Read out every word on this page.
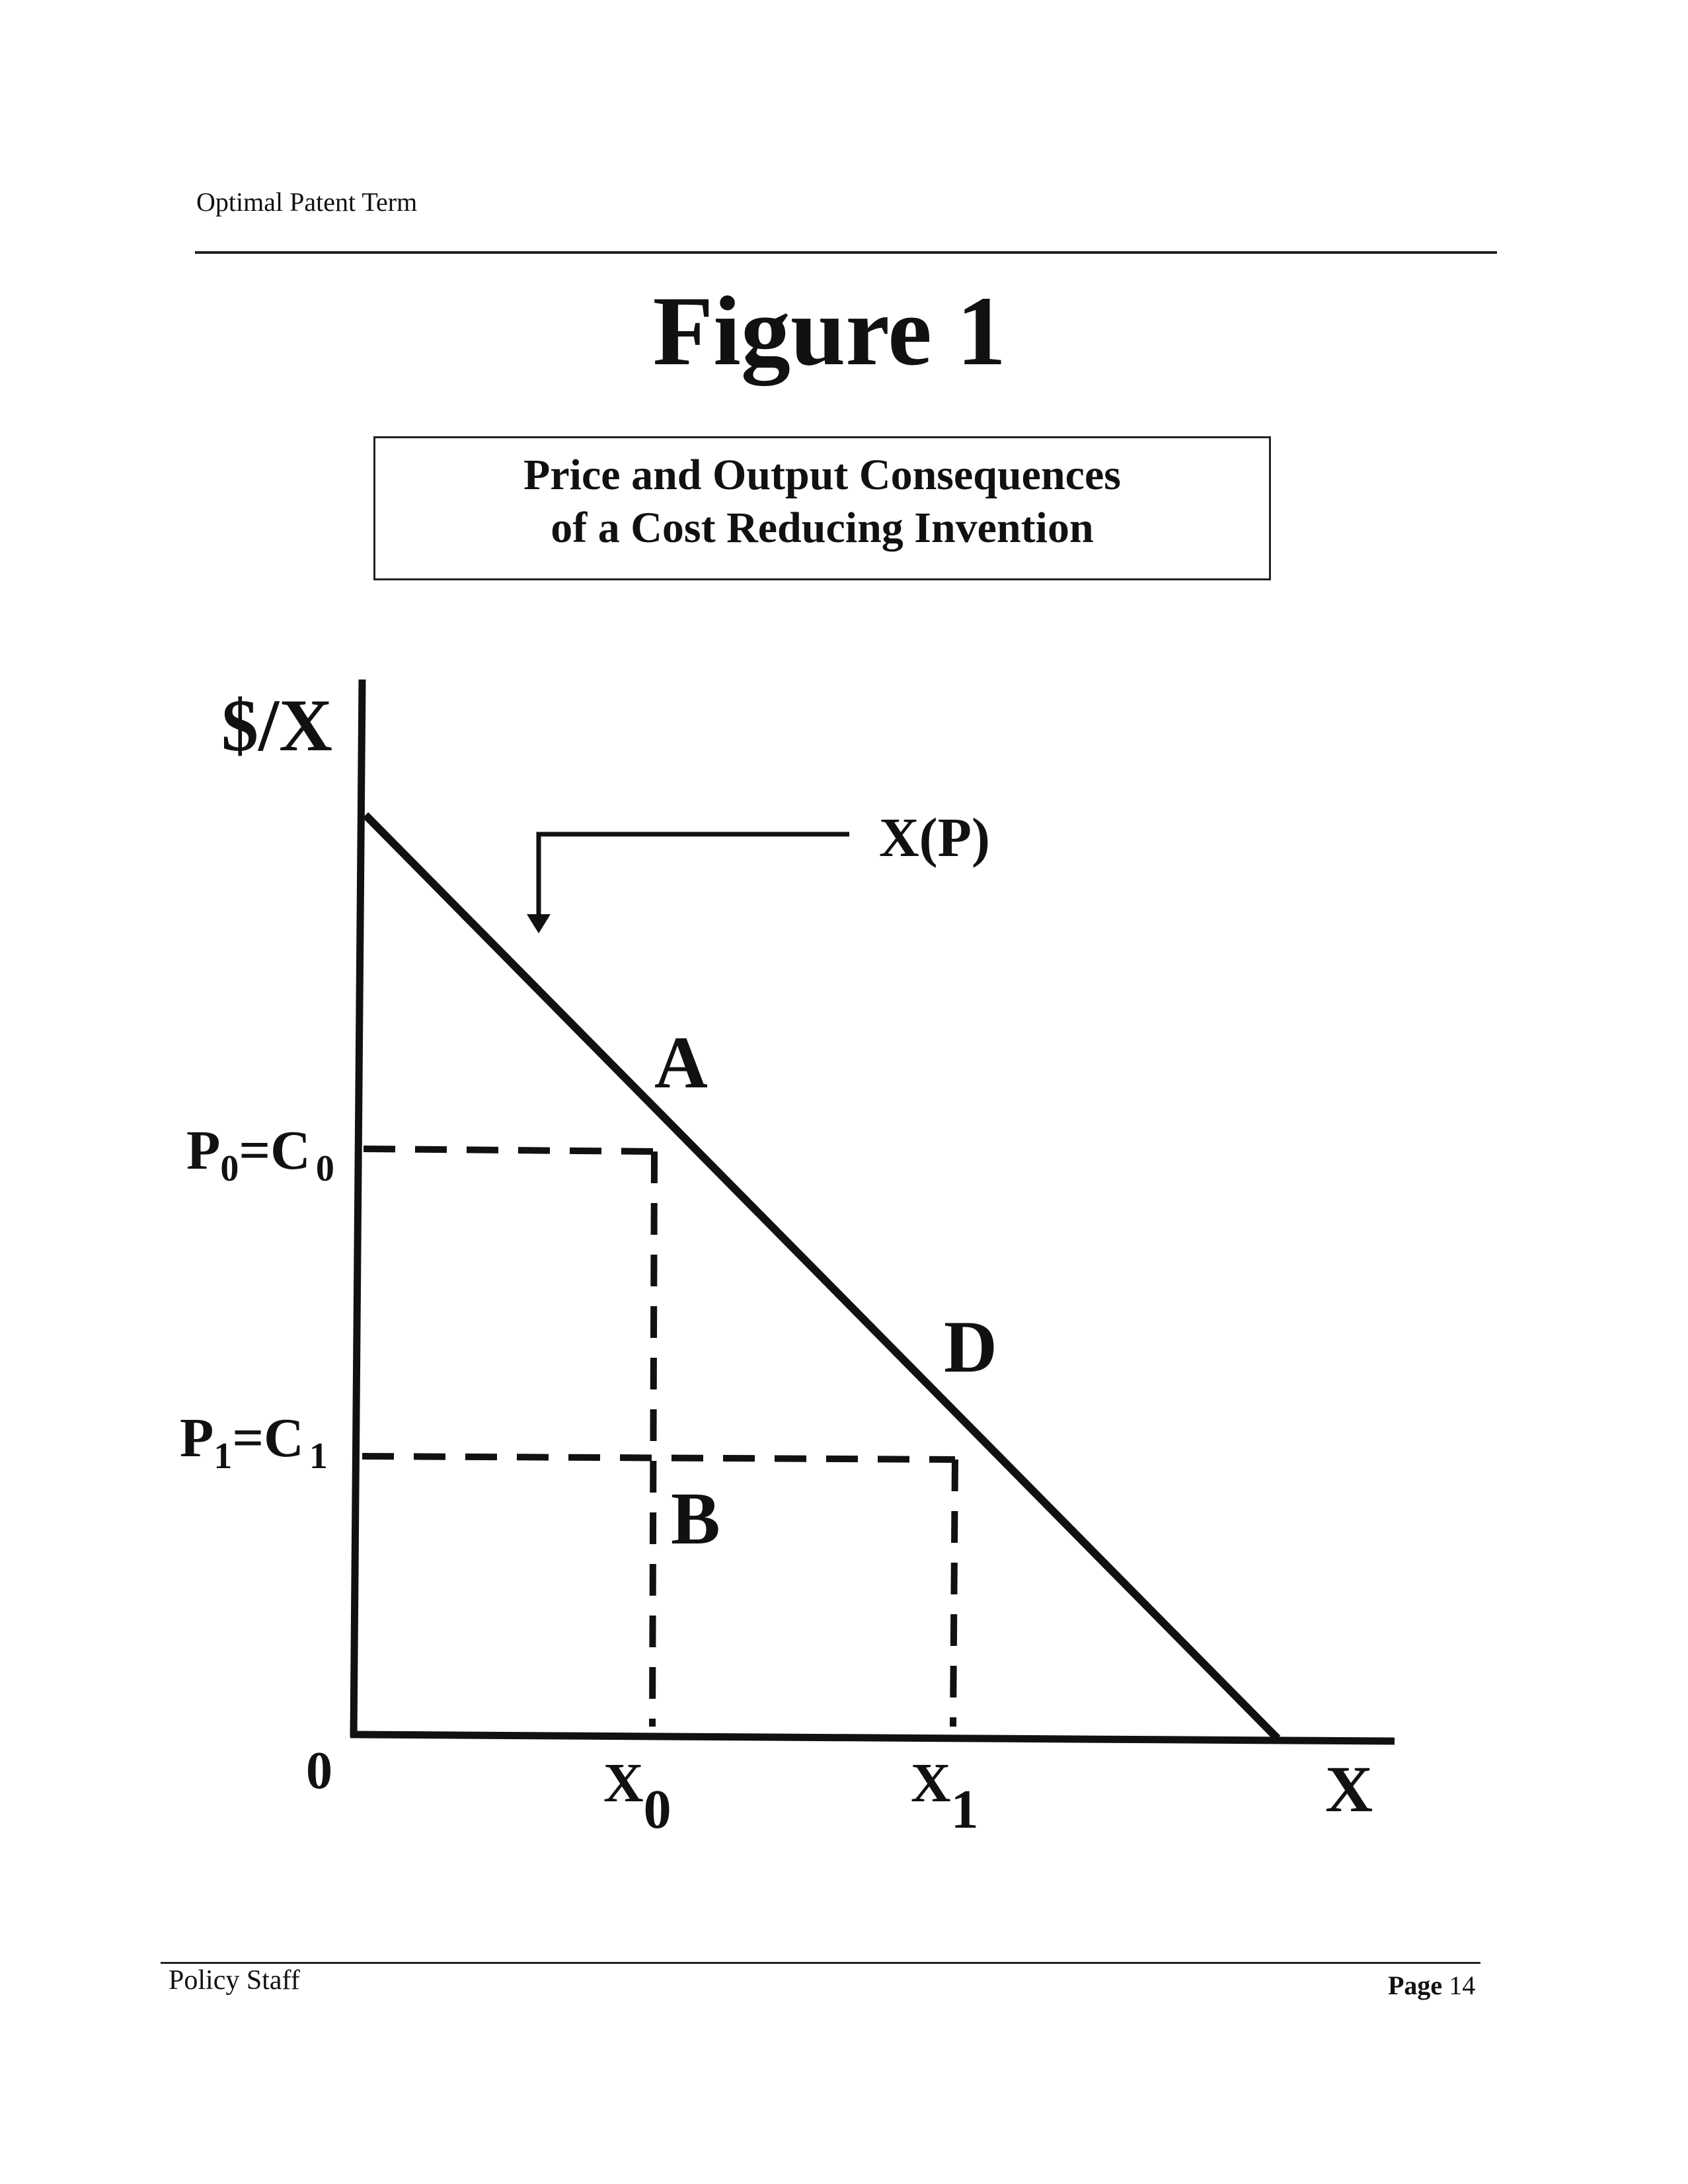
Optimal Patent Term
Figure 1
Price and Output Consequences
of a Cost Reducing Invention
$/X
X
0
X(P)
A
D
B
$P_0=C$ $_0$
$P_1=C$ $_1$
X0	X1
Policy Staff	Page 14
